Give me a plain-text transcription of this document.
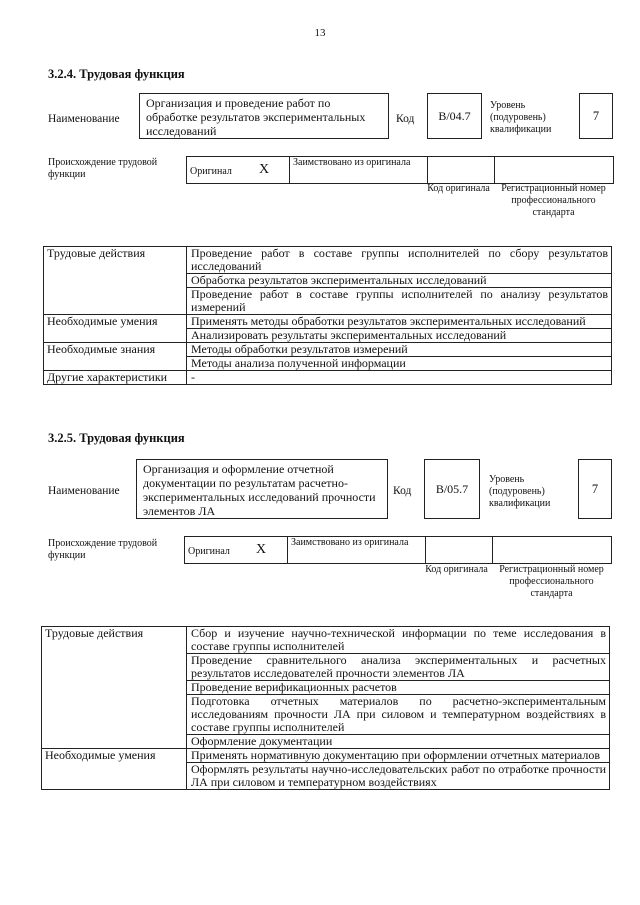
13
3.2.4. Трудовая функция
Наименование
Организация и проведение работ по обработке результатов экспериментальных исследований
Код	В/04.7
Уровень (подуровень) квалификации
7
Происхождение трудовой функции	Оригинал X	Заимствовано из оригинала		
Код оригинала	Регистрационный номер профессионального стандарта
Трудовые действия	Проведение работ в составе группы исполнителей по сбору результатов исследований
	Обработка результатов экспериментальных исследований
	Проведение работ в составе группы исполнителей по анализу результатов измерений
Необходимые умения	Применять методы обработки результатов экспериментальных исследований
	Анализировать результаты экспериментальных исследований
Необходимые знания	Методы обработки результатов измерений
	Методы анализа полученной информации
Другие характеристики	-
3.2.5. Трудовая функция
Наименование
Организация и оформление отчетной документации по результатам расчетно-экспериментальных исследований прочности элементов ЛА
Код	В/05.7
Уровень (подуровень) квалификации
7
Происхождение трудовой функции	Оригинал X	Заимствовано из оригинала		
Код оригинала	Регистрационный номер профессионального стандарта
Трудовые действия	Сбор и изучение научно-технической информации по теме исследования в составе группы исполнителей
	Проведение сравнительного анализа экспериментальных и расчетных результатов исследователей прочности элементов ЛА
	Проведение верификационных расчетов
	Подготовка отчетных материалов по расчетно-экспериментальным исследованиям прочности ЛА при силовом и температурном воздействиях в составе группы исполнителей
	Оформление документации
Необходимые умения	Применять нормативную документацию при оформлении отчетных материалов
	Оформлять результаты научно-исследовательских работ по отработке прочности ЛА при силовом и температурном воздействиях
